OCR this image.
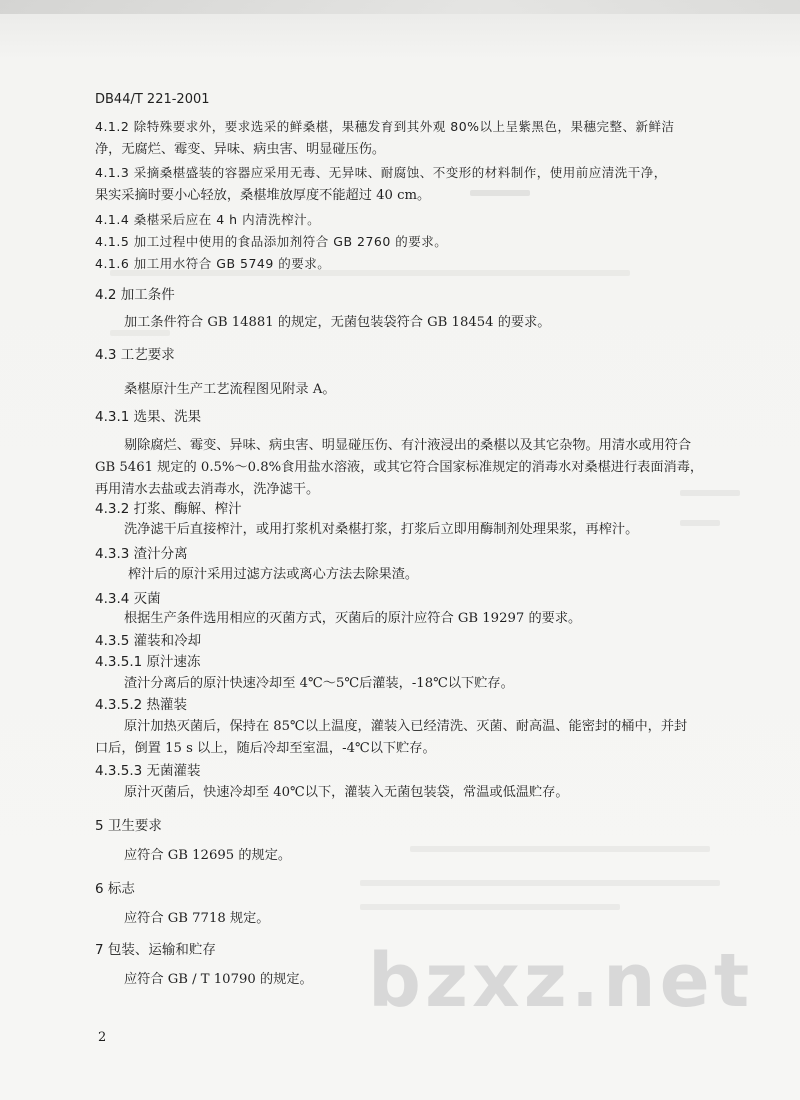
DB44/T 221-2001
4.1.2 除特殊要求外，要求选采的鲜桑椹，果穗发育到其外观 80%以上呈紫黑色，果穗完整、新鲜洁
净，无腐烂、霉变、异味、病虫害、明显碰压伤。
4.1.3 采摘桑椹盛装的容器应采用无毒、无异味、耐腐蚀、不变形的材料制作，使用前应清洗干净，
果实采摘时要小心轻放，桑椹堆放厚度不能超过 40 cm。
4.1.4 桑椹采后应在 4 h 内清洗榨汁。
4.1.5 加工过程中使用的食品添加剂符合 GB 2760 的要求。
4.1.6 加工用水符合 GB 5749 的要求。
4.2 加工条件
加工条件符合 GB 14881 的规定，无菌包装袋符合 GB 18454 的要求。
4.3 工艺要求
桑椹原汁生产工艺流程图见附录 A。
4.3.1 选果、洗果
剔除腐烂、霉变、异味、病虫害、明显碰压伤、有汁液浸出的桑椹以及其它杂物。用清水或用符合
GB 5461 规定的 0.5%～0.8%食用盐水溶液，或其它符合国家标准规定的消毒水对桑椹进行表面消毒，
再用清水去盐或去消毒水，洗净滤干。
4.3.2 打浆、酶解、榨汁
洗净滤干后直接榨汁，或用打浆机对桑椹打浆，打浆后立即用酶制剂处理果浆，再榨汁。
4.3.3 渣汁分离
榨汁后的原汁采用过滤方法或离心方法去除果渣。
4.3.4 灭菌
根据生产条件选用相应的灭菌方式，灭菌后的原汁应符合 GB 19297 的要求。
4.3.5 灌装和冷却
4.3.5.1 原汁速冻
渣汁分离后的原汁快速冷却至 4℃～5℃后灌装，-18℃以下贮存。
4.3.5.2 热灌装
原汁加热灭菌后，保持在 85℃以上温度，灌装入已经清洗、灭菌、耐高温、能密封的桶中，并封
口后，倒置 15 s 以上，随后冷却至室温，-4℃以下贮存。
4.3.5.3 无菌灌装
原汁灭菌后，快速冷却至 40℃以下，灌装入无菌包装袋，常温或低温贮存。
5 卫生要求
应符合 GB 12695 的规定。
6 标志
应符合 GB 7718 规定。
7 包装、运输和贮存
应符合 GB / T 10790 的规定。 bzxz.net
2
